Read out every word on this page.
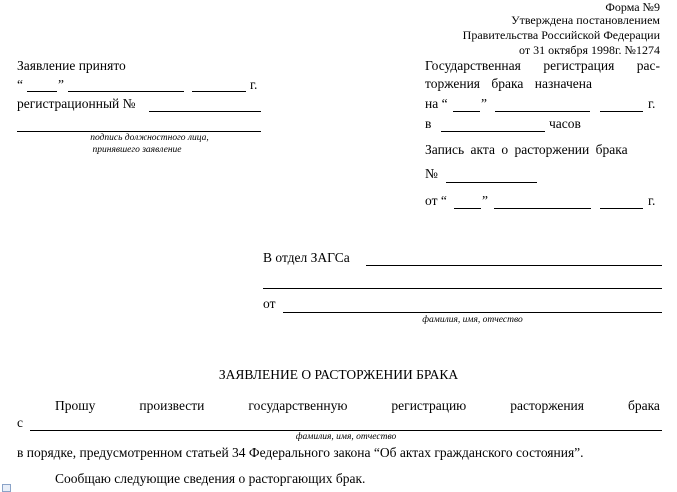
Форма №9
Утверждена постановлением
Правительства Российской Федерации
от 31 октября 1998г. №1274
Заявление принято
“	”	г.
регистрационный №
подпись должностного лица,
принявшего заявление
Государственная регистрация рас-
торжения брака назначена
на “ ”	г.
в	часов
Запись акта о расторжении брака
№
от “	”	г.
В отдел ЗАГСа
от
фамилия, имя, отчество
ЗАЯВЛЕНИЕ О РАСТОРЖЕНИИ БРАКА
Прошу	произвести	государственную	регистрацию	расторжения	брака
с
фамилия, имя, отчество
в порядке, предусмотренном статьей 34 Федерального закона “Об актах гражданского состояния”.
Сообщаю следующие сведения о расторгающих брак.
